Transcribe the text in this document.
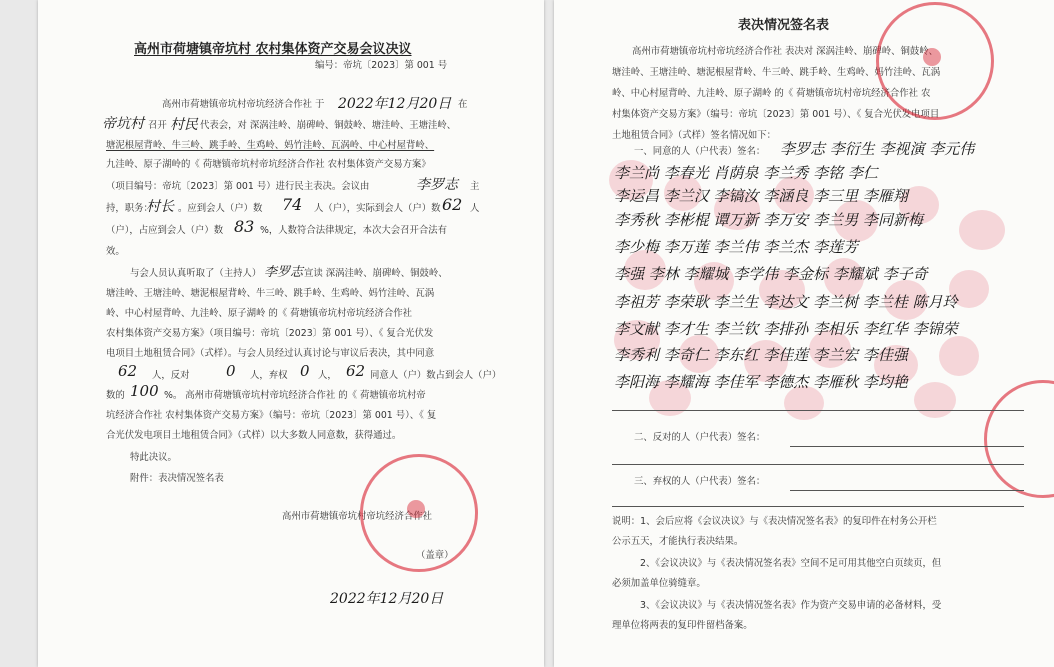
高州市荷塘镇帝坑村 农村集体资产交易会议决议
编号：帝坑〔2023〕第 001 号
高州市荷塘镇帝坑村帝坑经济合作社 于 2022年12月20日 在
帝坑村 召开 村民 代表会，对 深涡洼岭、崩碑岭、铜鼓岭、塘洼岭、王塘洼岭、
塘泥根屋背岭、牛三岭、跳手岭、生鸡岭、妈竹洼岭、瓦涡岭、中心村屋背岭、
九洼岭、原子湖岭的《 荷塘镇帝坑村帝坑经济合作社 农村集体资产交易方案》
（项目编号：帝坑〔2023〕第 001 号）进行民主表决。会议由	李罗志 主
持，职务：
村长 。应到会人（户）数 74 人（户），实际到会人（户）数 62 人
（户），占应到会人（户）数 83 %，人数符合法律规定，本次大会召开合法有
效。
与会人员认真听取了（主持人） 李罗志 宣读 深涡洼岭、崩碑岭、铜鼓岭、
塘洼岭、王塘洼岭、塘泥根屋背岭、牛三岭、跳手岭、生鸡岭、妈竹洼岭、瓦涡
岭、中心村屋背岭、九洼岭、原子湖岭 的《 荷塘镇帝坑村帝坑经济合作社
农村集体资产交易方案》（项目编号：帝坑〔2023〕第 001 号）、《 复合光伏发
电项目土地租赁合同》（式样）。与会人员经过认真讨论与审议后表决，其中同意
62 人，反对 0 人，弃权 0 人， 62 同意人（户）数占到会人（户）
数的 100 %。 高州市荷塘镇帝坑村帝坑经济合作社 的《 荷塘镇帝坑村帝
坑经济合作社 农村集体资产交易方案》（编号：帝坑〔2023〕第 001 号）、《 复
合光伏发电项目土地租赁合同》（式样）以大多数人同意数，获得通过。
特此决议。
附件：表决情况签名表
高州市荷塘镇帝坑村帝坑经济合作社
（盖章）
2022年12月20日
表决情况签名表
高州市荷塘镇帝坑村帝坑经济合作社 表决对 深涡洼岭、崩碑岭、铜鼓岭、
塘洼岭、王塘洼岭、塘泥根屋背岭、牛三岭、跳手岭、生鸡岭、妈竹洼岭、瓦涡
岭、中心村屋背岭、九洼岭、原子湖岭 的《 荷塘镇帝坑村帝坑经济合作社 农
村集体资产交易方案》（编号：帝坑〔2023〕第 001 号）、《 复合光伏发电项目
土地租赁合同》（式样）签名情况如下：
一、同意的人（户代表）签名： 李罗志 李衍生 李视演 李元伟
李兰尚 李春光 肖荫泉 李兰秀 李铭 李仁
李运昌 李兰汉 李镐汝 李涵良 李三里 李雁翔
李秀秋 李彬棍 谭万新 李万安 李兰男 李同新梅
李少梅 李万莲 李兰伟 李兰杰 李莲芳
李强 李林 李耀城 李学伟 李金标 李耀斌 李子奇
李祖芳 李荣耿 李兰生 李达文 李兰树 李兰桂 陈月玲
李文献 李才生 李兰钦 李排孙 李相乐 李红华 李锦荣
李秀利 李奇仁 李东红 李佳莲 李兰宏 李佳强
李阳海 李耀海 李佳军 李德杰 李雁秋 李均艳
二、反对的人（户代表）签名：
三、弃权的人（户代表）签名：
说明：1、会后应将《会议决议》与《表决情况签名表》的复印件在村务公开栏
公示五天，才能执行表决结果。
2、《会议决议》与《表决情况签名表》空间不足可用其他空白页续页，但
必须加盖单位骑缝章。
3、《会议决议》与《表决情况签名表》作为资产交易申请的必备材料，受
理单位将两表的复印件留档备案。
